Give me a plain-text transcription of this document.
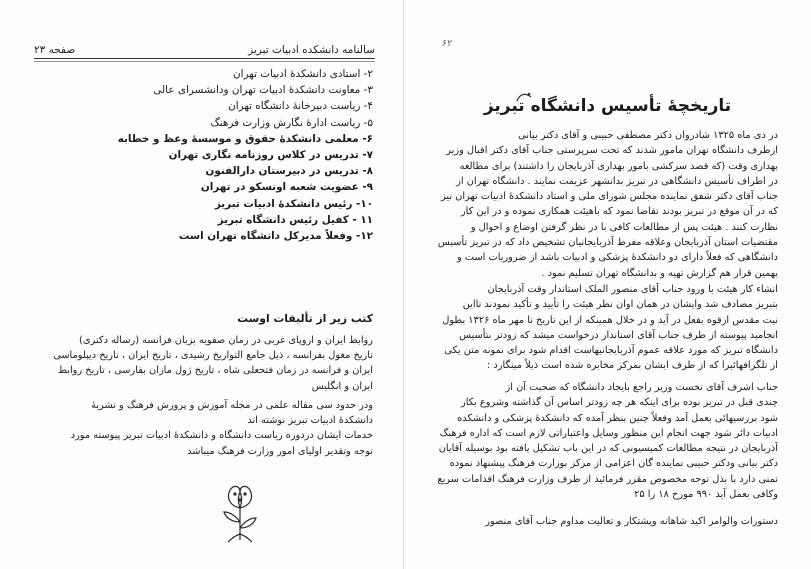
صفحه ۲۳	سالنامه دانشکده ادبیات تبریز
۲- استادی دانشکدهٔ ادبیات تهران
۳- معاونت دانشکدهٔ ادبیات تهران ودانشسرای عالی
۴- ریاست دبیرخانهٔ دانشگاه تهران
۵- ریاست ادارهٔ نگارش وزارت فرهنگ
۶- معلمی دانشکدهٔ حقوق و موسسهٔ وعظ و خطابه
۷- تدریس در کلاس روزنامه نگاری تهران
۸- تدریس در دبیرستان دارالفنون
۹- عضویت شعبه اونسکو در تهران
۱۰- رئیس دانشکدهٔ ادبیات تبریز
۱۱ - کفیل رئیس دانشگاه تبریز
۱۲- وفعلاً مدیرکل دانشگاه تهران است
کتب زیر از تألیفات اوست
روابط ایران و اروپای غربی در زمان صفویه بزبان فرانسه (رساله دکتری)
تاریخ مغول بفرانسه ، ذیل جامع التواریخ رشیدی ، تاریخ ایران ، تاریخ دیپلوماسی
ایران و فرانسه در زمان فتحعلی شاه ، تاریخ ژول مازان بفارسی ، تاریخ روابط
ایران و انگلیس
ودر حدود سی مقاله علمی در مجله آموزش و پرورش فرهنگ و نشریهٔ
دانشکدهٔ ادبیات تبریز نوشته اند
خدمات ایشان دردوره ریاست دانشگاه و دانشکدهٔ ادبیات تبریز پیوسته مورد
توجه وتقدیر اولیای امور وزارت فرهنگ میباشد
۶۲
تاریخچهٔ تأسیس دانشگاه تبریز
در دی ماه ۱۳۲۵ شادروان دکتر مصطفی حبیبی و آقای دکتر بیانی
ازطرف دانشگاه تهران مامور شدند که تحت سرپرستی جناب آقای دکتر اقبال وزیر
بهداری وقت (که قصد سرکشی بامور بهداری آذربایجان را داشتند) برای مطالعه
در اطراف تأسیس دانشگاهی در تبریز بدانشهر عزیمت نمایند . دانشگاه تهران از
جناب آقای دکتر شفق نماینده مجلس شورای ملی و استاد دانشکدهٔ ادبیات تهران نیز
که در آن موقع در تبریز بودند تقاضا نمود که باهیئت همکاری نموده و در این کار
نظارت کنند . هیئت پس از مطالعات کافی با در نظر گرفتن اوضاع و احوال و
مقتضیات استان آذربایجان وعلاقه مفرط آذربایجانیان تشخیص داد که در تبریز تأسیس
دانشگاهی که فعلاً دارای دو دانشکدهٔ پزشکی و ادبیات باشد از ضروریات است و
بهمین قرار هم گزارش تهیه و بدانشگاه تهران تسلیم نمود .
انشاء کار هیئت با ورود جناب آقای منصور الملک استاندار وقت آذربایجان
بتبریز مصادف شد وایشان در همان اوان نظر هیئت را تأیید و تأکید نمودند تااین
نیت مقدس ازقوه بفعل در آید و در خلال همینکه از این تاریخ تا مهر ماه ۱۳۲۶ بطول
انجامید پیوسته از طرف جناب آقای استاندار درخواست میشد که زودتر بتأسیس
دانشگاه تبریز که مورد علاقه عموم آذربایجانیهاست اقدام شود برای نمونه متن یکی
از تلگرافهائیرا که از طرف ایشان بمرکز مخابره شده است ذیلاً مینگارد :
جناب اشرف آقای نخست وزیر راجع بایجاد دانشگاه که صحبت آن از
چندی قبل در تبریز بوده برای اینکه هر چه زودتر اساس آن گذاشته وشروع بکار
شود بررسیهائی بعمل آمد وفعلاً چنین بنظر آمده که دانشکدهٔ پزشکی و دانشکده
ادبیات دائر شود جهت انجام این منظور وسایل واعتباراتی لازم است که اداره فرهنگ
آذربایجان در نتیجه مطالعات کمیسیونی که در این باب تشکیل یافته بود بوسیله آقایان
دکتر بیانی ودکتر حبیبی نماینده گان اعزامی از مرکز بوزارت فرهنگ پیشنهاد نموده
تمنی دارد با بذل توجه مخصوص مقرر فرمائید از طرف وزارت فرهنگ اقدامات سریع
وکافی بعمل آید ۹۹۰ مورخ ۱۸ را ۲۵
دستورات والوامر اکید شاهانه وپشتکار و تعالیت مداوم جناب آقای منصور
